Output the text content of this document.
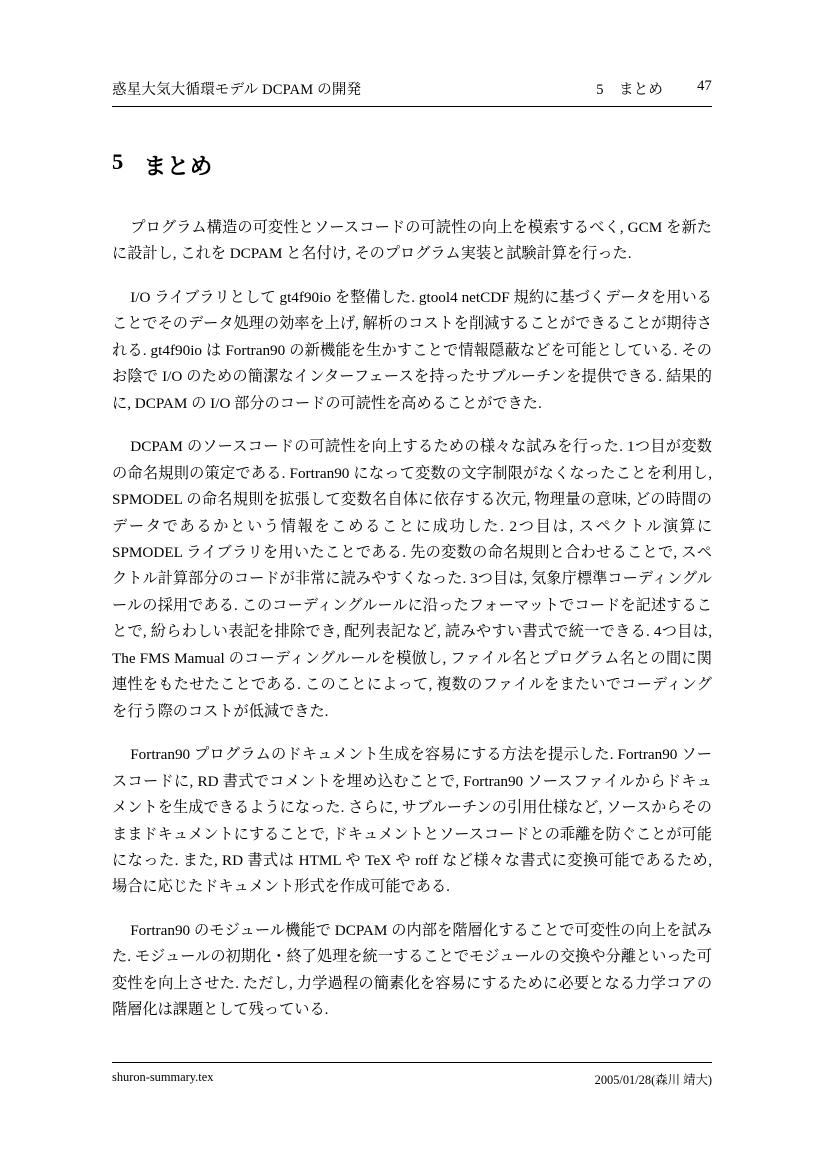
惑星大気大循環モデル DCPAM の開発	5 まとめ 47
5 まとめ

プログラム構造の可変性とソースコードの可読性の向上を模索するべく, GCM を新たに設計し, これを DCPAM と名付け, そのプログラム実装と試験計算を行った.

I/O ライブラリとして gt4f90io を整備した. gtool4 netCDF 規約に基づくデータを用いることでそのデータ処理の効率を上げ, 解析のコストを削減することができることが期待される. gt4f90io は Fortran90 の新機能を生かすことで情報隠蔽などを可能としている. そのお陰で I/O のための簡潔なインターフェースを持ったサブルーチンを提供できる. 結果的に, DCPAM の I/O 部分のコードの可読性を高めることができた.

DCPAM のソースコードの可読性を向上するための様々な試みを行った. 1つ目が変数の命名規則の策定である. Fortran90 になって変数の文字制限がなくなったことを利用し, SPMODEL の命名規則を拡張して変数名自体に依存する次元, 物理量の意味, どの時間のデータであるかという情報をこめることに成功した. 2つ目は, スペクトル演算に SPMODEL ライブラリを用いたことである. 先の変数の命名規則と合わせることで, スペクトル計算部分のコードが非常に読みやすくなった. 3つ目は, 気象庁標準コーディングルールの採用である. このコーディングルールに沿ったフォーマットでコードを記述することで, 紛らわしい表記を排除でき, 配列表記など, 読みやすい書式で統一できる. 4つ目は, The FMS Mamual のコーディングルールを模倣し, ファイル名とプログラム名との間に関連性をもたせたことである. このことによって, 複数のファイルをまたいでコーディングを行う際のコストが低減できた.

Fortran90 プログラムのドキュメント生成を容易にする方法を提示した. Fortran90 ソースコードに, RD 書式でコメントを埋め込むことで, Fortran90 ソースファイルからドキュメントを生成できるようになった. さらに, サブルーチンの引用仕様など, ソースからそのままドキュメントにすることで, ドキュメントとソースコードとの乖離を防ぐことが可能になった. また, RD 書式は HTML や TeX や roff など様々な書式に変換可能であるため, 場合に応じたドキュメント形式を作成可能である.

Fortran90 のモジュール機能で DCPAM の内部を階層化することで可変性の向上を試みた. モジュールの初期化・終了処理を統一することでモジュールの交換や分離といった可変性を向上させた. ただし, 力学過程の簡素化を容易にするために必要となる力学コアの階層化は課題として残っている.

shuron-summary.tex	2005/01/28(森川 靖大)
